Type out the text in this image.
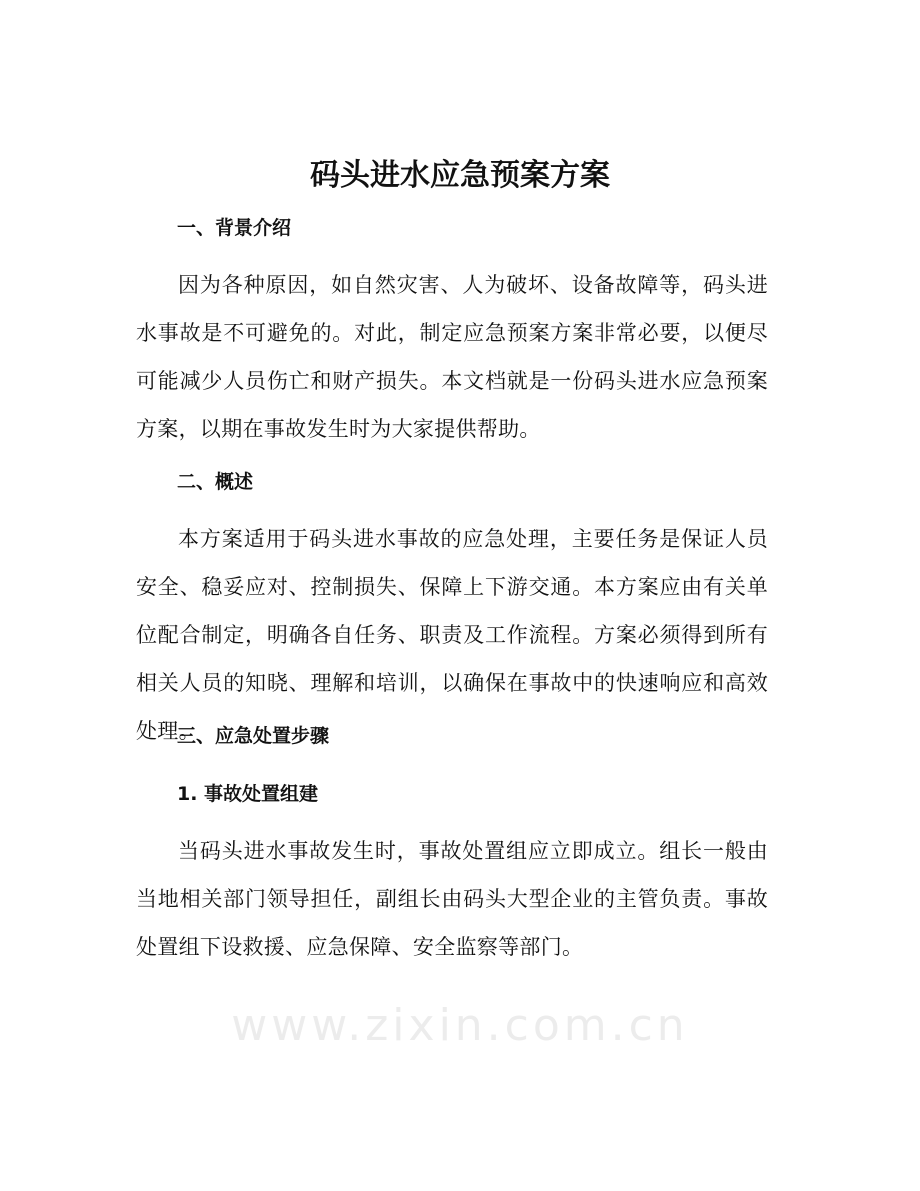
www.zixin.com.cn
码头进水应急预案方案
一、背景介绍

因为各种原因，如自然灾害、人为破坏、设备故障等，码头进水事故是不可避免的。对此，制定应急预案方案非常必要，以便尽可能减少人员伤亡和财产损失。本文档就是一份码头进水应急预案方案，以期在事故发生时为大家提供帮助。

二、概述

本方案适用于码头进水事故的应急处理，主要任务是保证人员安全、稳妥应对、控制损失、保障上下游交通。本方案应由有关单位配合制定，明确各自任务、职责及工作流程。方案必须得到所有相关人员的知晓、理解和培训，以确保在事故中的快速响应和高效处理。

三、应急处置步骤
1. 事故处置组建

当码头进水事故发生时，事故处置组应立即成立。组长一般由当地相关部门领导担任，副组长由码头大型企业的主管负责。事故处置组下设救援、应急保障、安全监察等部门。
